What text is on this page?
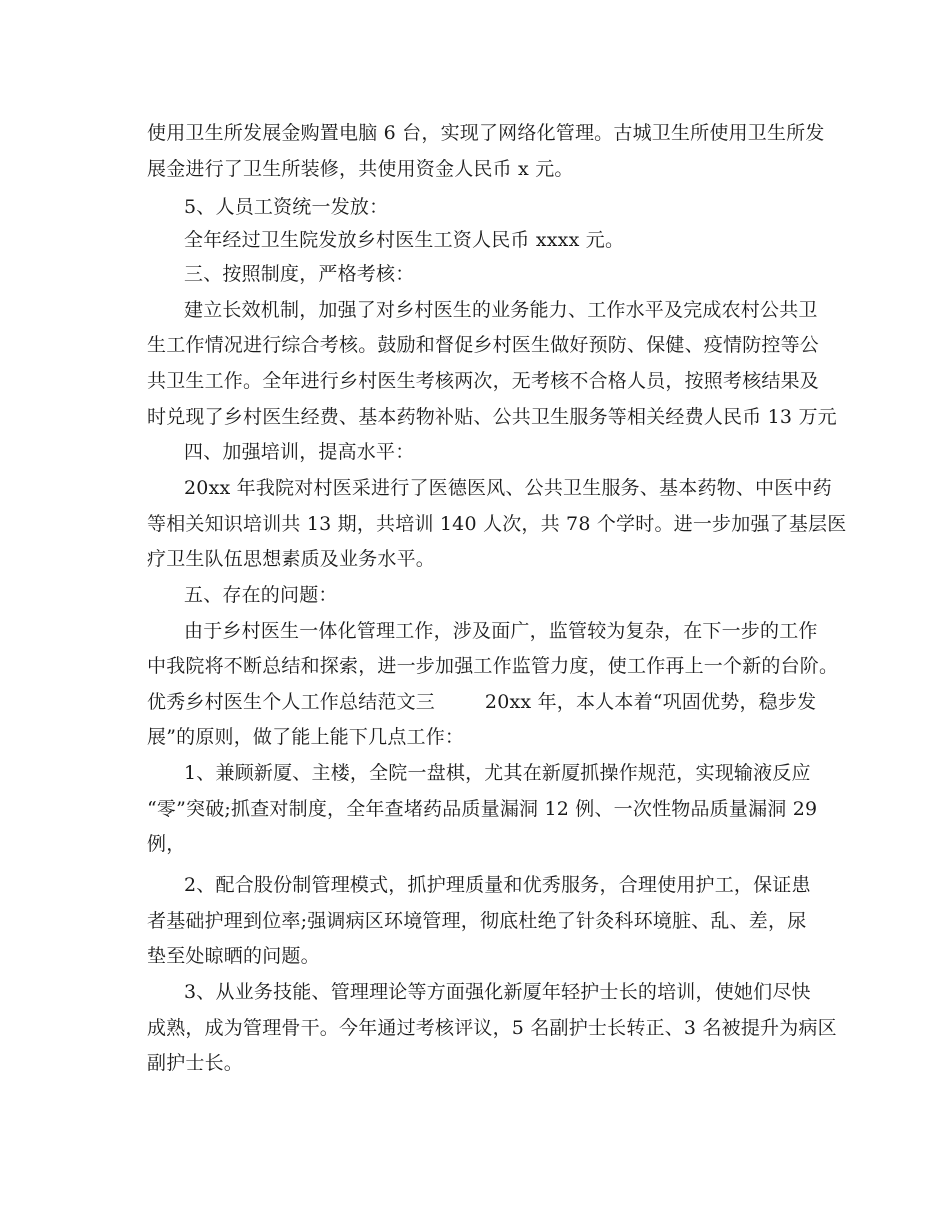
使用卫生所发展金购置电脑 6 台，实现了网络化管理。古城卫生所使用卫生所发
展金进行了卫生所装修，共使用资金人民币 x 元。
5、人员工资统一发放：
全年经过卫生院发放乡村医生工资人民币 xxxx 元。
三、按照制度，严格考核：
建立长效机制，加强了对乡村医生的业务能力、工作水平及完成农村公共卫
生工作情况进行综合考核。鼓励和督促乡村医生做好预防、保健、疫情防控等公
共卫生工作。全年进行乡村医生考核两次，无考核不合格人员，按照考核结果及
时兑现了乡村医生经费、基本药物补贴、公共卫生服务等相关经费人民币 13 万元
四、加强培训，提高水平：
20xx 年我院对村医采进行了医德医风、公共卫生服务、基本药物、中医中药
等相关知识培训共 13 期，共培训 140 人次，共 78 个学时。进一步加强了基层医
疗卫生队伍思想素质及业务水平。
五、存在的问题：
由于乡村医生一体化管理工作，涉及面广，监管较为复杂，在下一步的工作
中我院将不断总结和探索，进一步加强工作监管力度，使工作再上一个新的台阶。
优秀乡村医生个人工作总结范文三        20xx 年，本人本着“巩固优势，稳步发
展”的原则，做了能上能下几点工作：
1、兼顾新厦、主楼，全院一盘棋，尤其在新厦抓操作规范，实现输液反应
“零”突破;抓查对制度，全年查堵药品质量漏洞 12 例、一次性物品质量漏洞 29
例，
2、配合股份制管理模式，抓护理质量和优秀服务，合理使用护工，保证患
者基础护理到位率;强调病区环境管理，彻底杜绝了针灸科环境脏、乱、差，尿
垫至处晾晒的问题。
3、从业务技能、管理理论等方面强化新厦年轻护士长的培训，使她们尽快
成熟，成为管理骨干。今年通过考核评议，5 名副护士长转正、3 名被提升为病区
副护士长。
